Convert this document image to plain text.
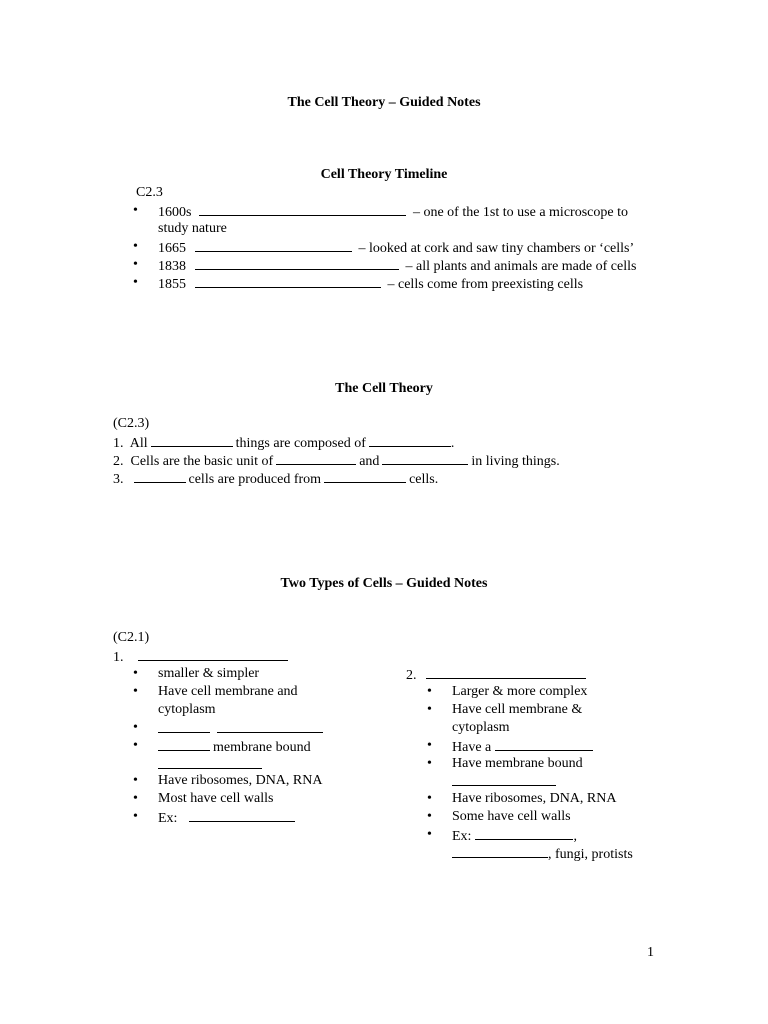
The Cell Theory – Guided Notes
Cell Theory Timeline
C2.3
• 1600s	– one of the 1st to use a microscope to
study nature
• 1665	– looked at cork and saw tiny chambers or ‘cells’
• 1838	– all plants and animals are made of cells
• 1855	– cells come from preexisting cells
The Cell Theory
(C2.3)
1. All	things are composed of	.
2. Cells are the basic unit of	and	in living things.
3.	cells are produced from	cells.
Two Types of Cells – Guided Notes
(C2.1)
1.
• smaller & simpler
• Have cell membrane and
cytoplasm
•
•	membrane bound
• Have ribosomes, DNA, RNA
• Most have cell walls
• Ex:
2.
• Larger & more complex
• Have cell membrane &
cytoplasm
• Have a
• Have membrane bound
• Have ribosomes, DNA, RNA
• Some have cell walls
• Ex:	,
, fungi, protists
1
